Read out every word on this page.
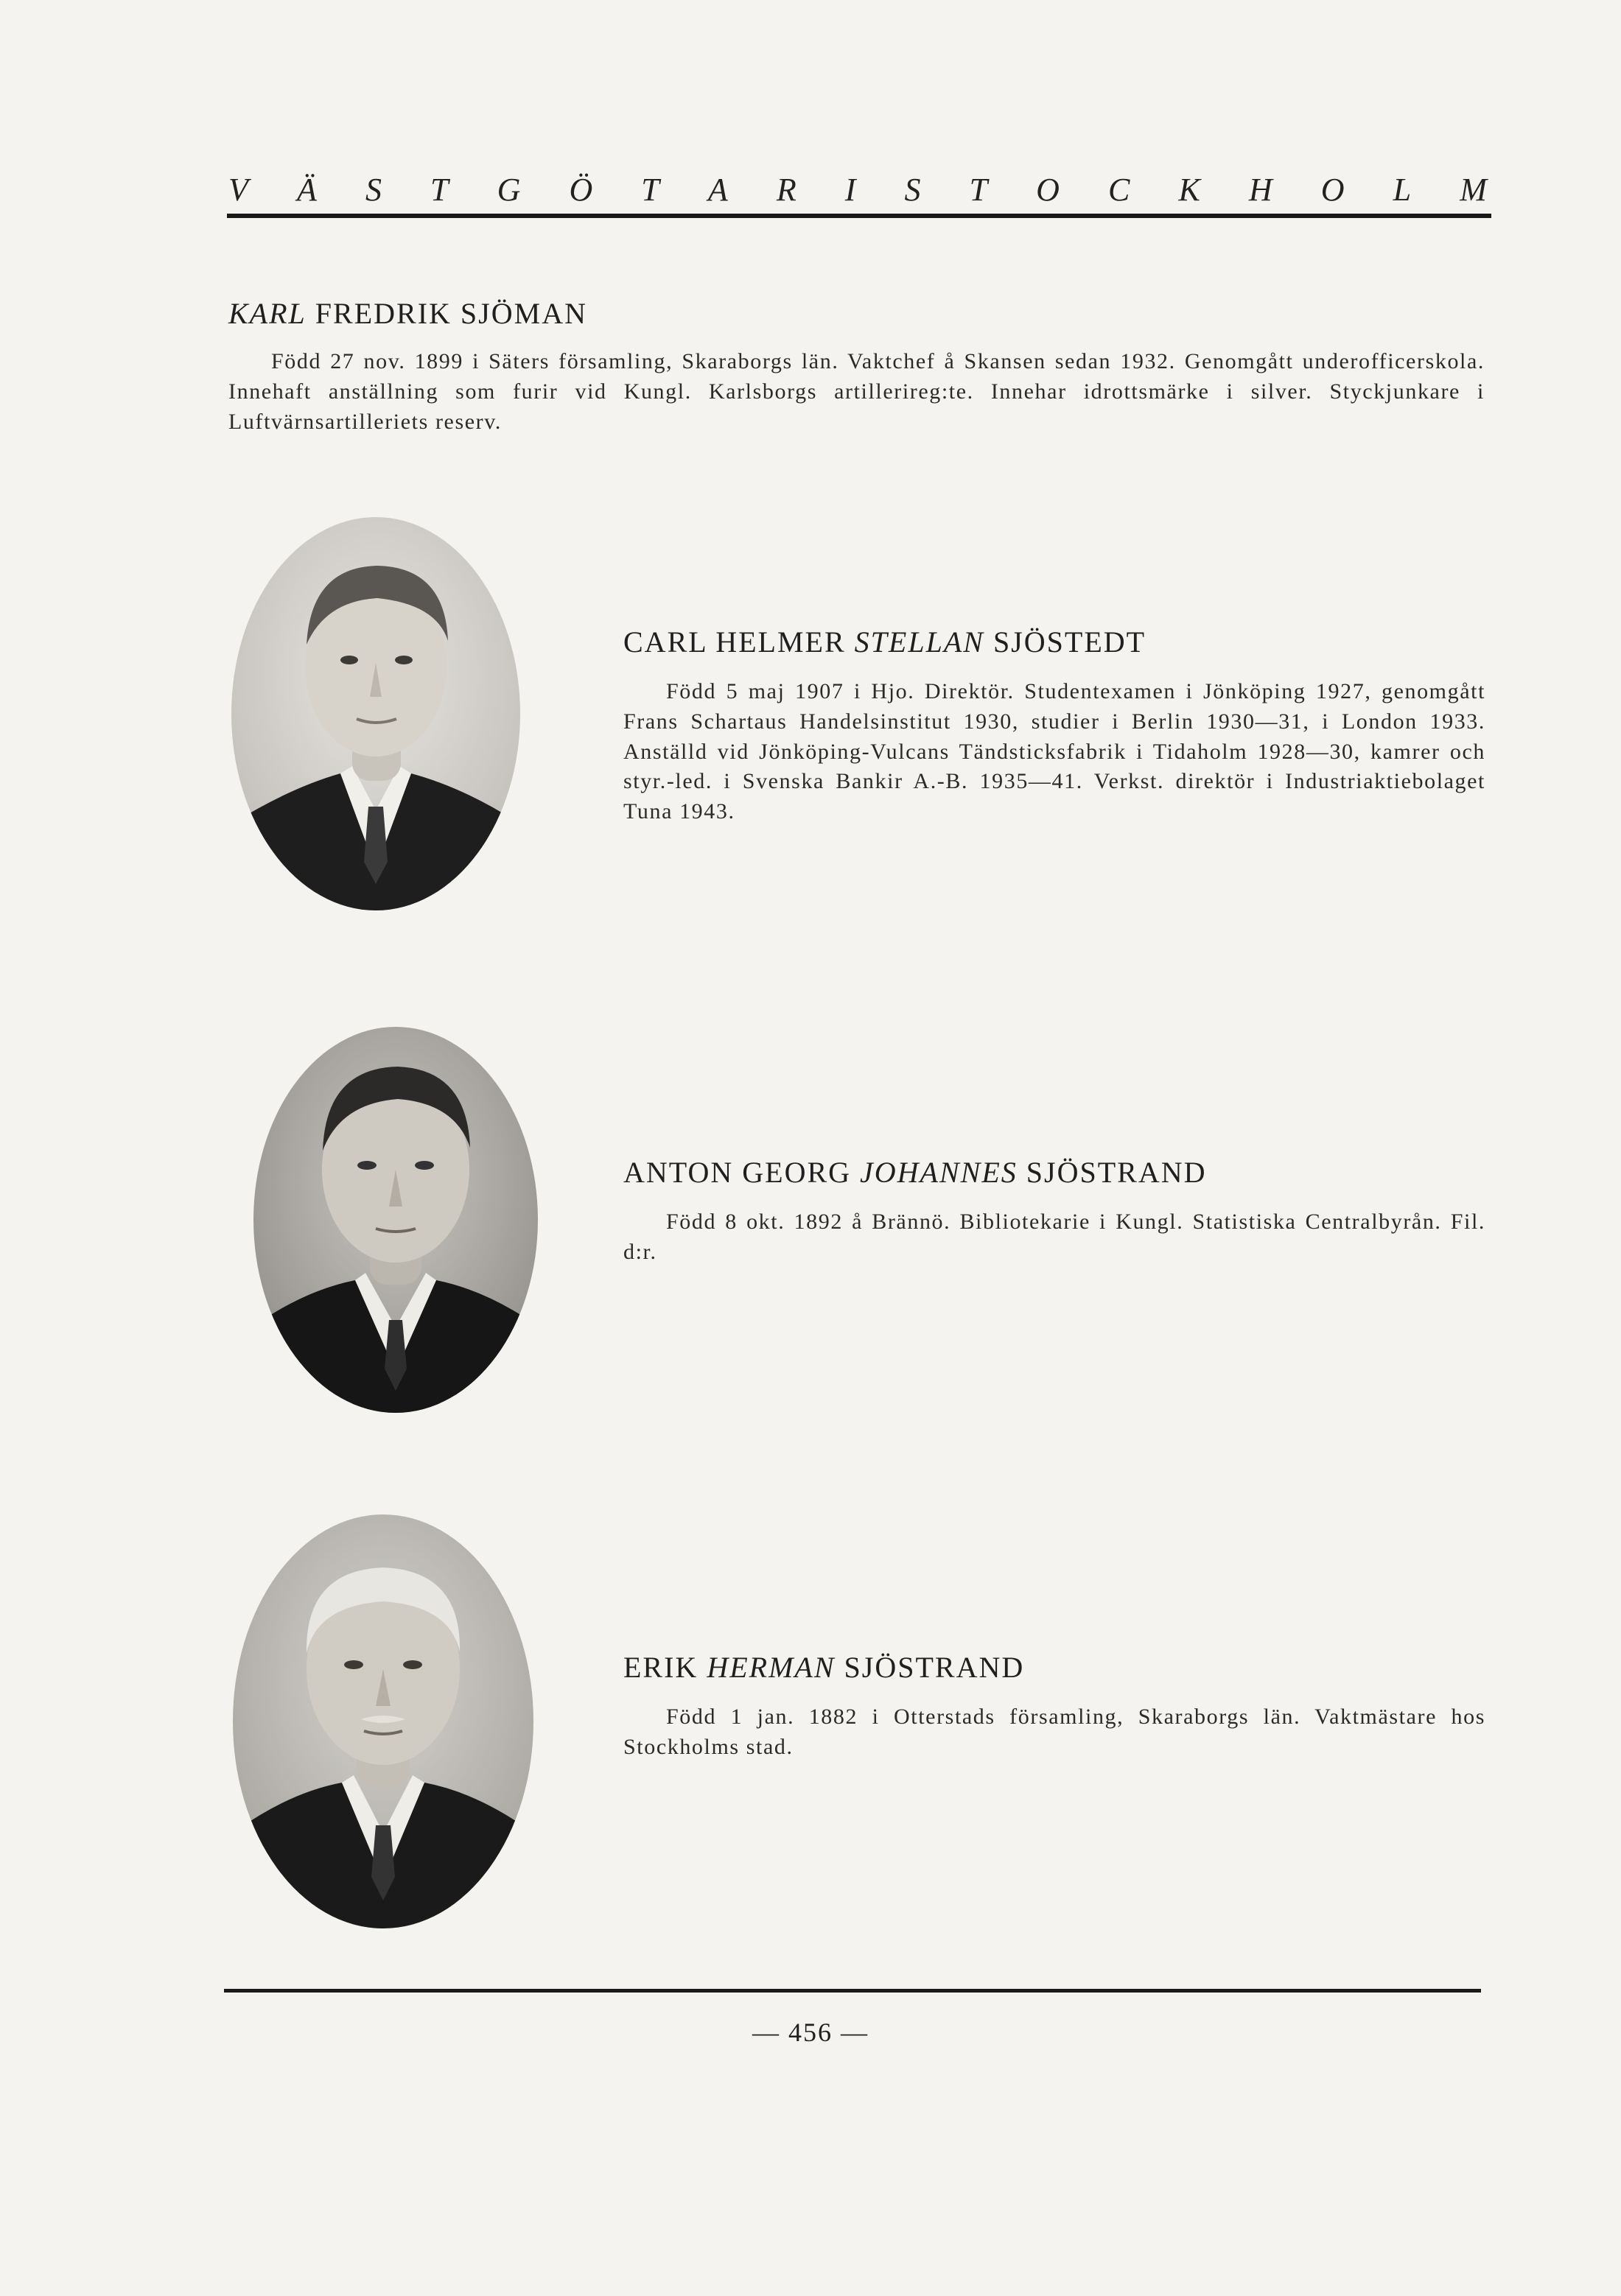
V Ä S T G Ö T A R I S T O C K H O L M
KARL FREDRIK SJÖMAN

Född 27 nov. 1899 i Säters församling, Skaraborgs län. Vaktchef å Skansen sedan 1932. Genomgått underofficerskola. Innehaft anställning som furir vid Kungl. Karlsborgs artillerireg:te. Innehar idrottsmärke i silver. Styckjunkare i Luftvärnsartilleriets reserv.

CARL HELMER STELLAN SJÖSTEDT

Född 5 maj 1907 i Hjo. Direktör. Studentexamen i Jönköping 1927, genomgått Frans Schartaus Handelsinstitut 1930, studier i Berlin 1930—31, i London 1933. Anställd vid Jönköping-Vulcans Tändsticksfabrik i Tidaholm 1928—30, kamrer och styr.-led. i Svenska Bankir A.-B. 1935—41. Verkst. direktör i Industriaktiebolaget Tuna 1943.

ANTON GEORG JOHANNES SJÖSTRAND

Född 8 okt. 1892 å Brännö. Bibliotekarie i Kungl. Statistiska Centralbyrån. Fil. d:r.

ERIK HERMAN SJÖSTRAND

Född 1 jan. 1882 i Otterstads församling, Skaraborgs län. Vaktmästare hos Stockholms stad.

— 456 —
